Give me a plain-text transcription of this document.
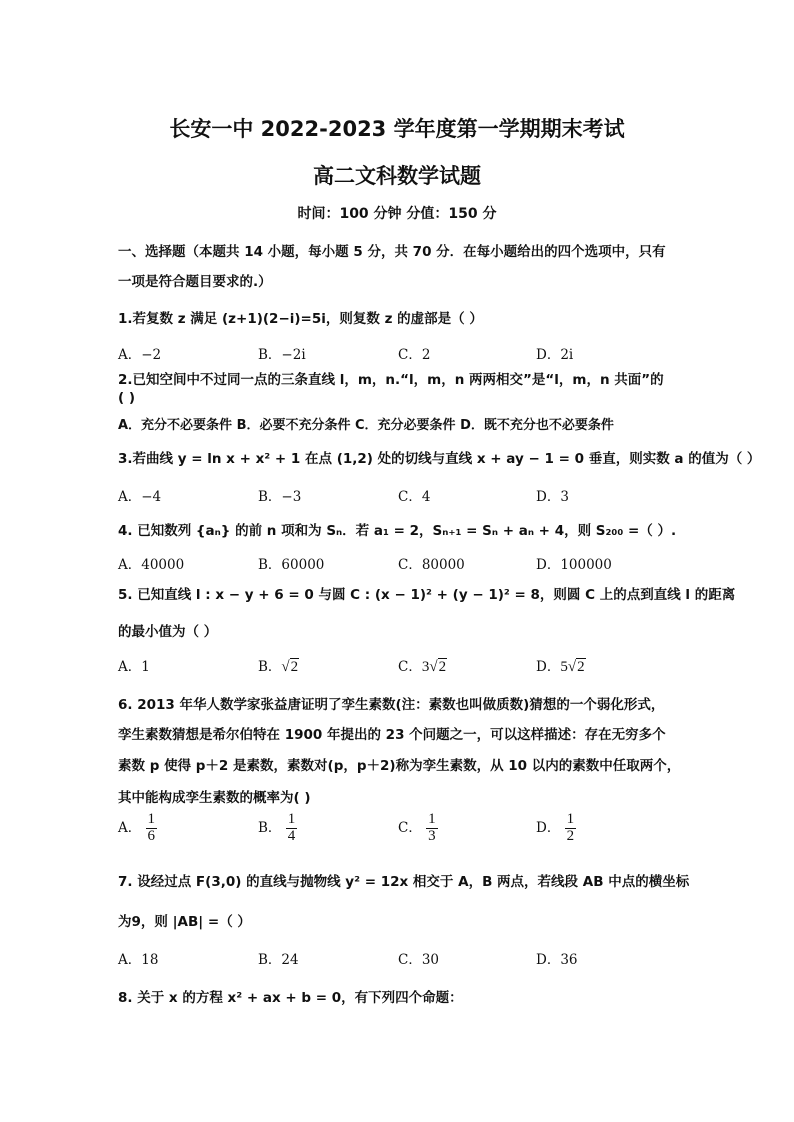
长安一中 2022-2023 学年度第一学期期末考试
高二文科数学试题
时间：100 分钟 分值：150 分
一、选择题（本题共 14 小题，每小题 5 分，共 70 分．在每小题给出的四个选项中，只有
一项是符合题目要求的.）
1.若复数 z 满足 (z+1)(2−i)=5i，则复数 z 的虚部是（ ）
A．−2	B．−2i	C．2	D．2i
2.已知空间中不过同一点的三条直线 l，m，n.“l，m，n 两两相交”是“l，m，n 共面”的
( )
A．充分不必要条件 B．必要不充分条件 C．充分必要条件 D．既不充分也不必要条件
3.若曲线 y = ln x + x² + 1 在点 (1,2) 处的切线与直线 x + ay − 1 = 0 垂直，则实数 a 的值为（ ）
A．−4	B．−3	C．4	D．3
4. 已知数列 {aₙ} 的前 n 项和为 Sₙ．若 a₁ = 2，Sₙ₊₁ = Sₙ + aₙ + 4，则 S₂₀₀ =（ ）.
A．40000	B．60000	C．80000	D．100000
5. 已知直线 l : x − y + 6 = 0 与圆 C : (x − 1)² + (y − 1)² = 8，则圆 C 上的点到直线 l 的距离
的最小值为（ ）
A．1	B．√2	C．3√2	D．5√2
6. 2013 年华人数学家张益唐证明了孪生素数(注：素数也叫做质数)猜想的一个弱化形式，
孪生素数猜想是希尔伯特在 1900 年提出的 23 个问题之一，可以这样描述：存在无穷多个
素数 p 使得 p＋2 是素数，素数对(p，p＋2)称为孪生素数，从 10 以内的素数中任取两个，
其中能构成孪生素数的概率为( )
A． $\frac{1}{6}$	B． $\frac{1}{4}$	C． $\frac{1}{3}$	D． $\frac{1}{2}$
7. 设经过点 F(3,0) 的直线与抛物线 y² = 12x 相交于 A，B 两点，若线段 AB 中点的横坐标
为9，则 |AB| =（ ）
A．18	B．24	C．30	D．36
8. 关于 x 的方程 x² + ax + b = 0，有下列四个命题：
